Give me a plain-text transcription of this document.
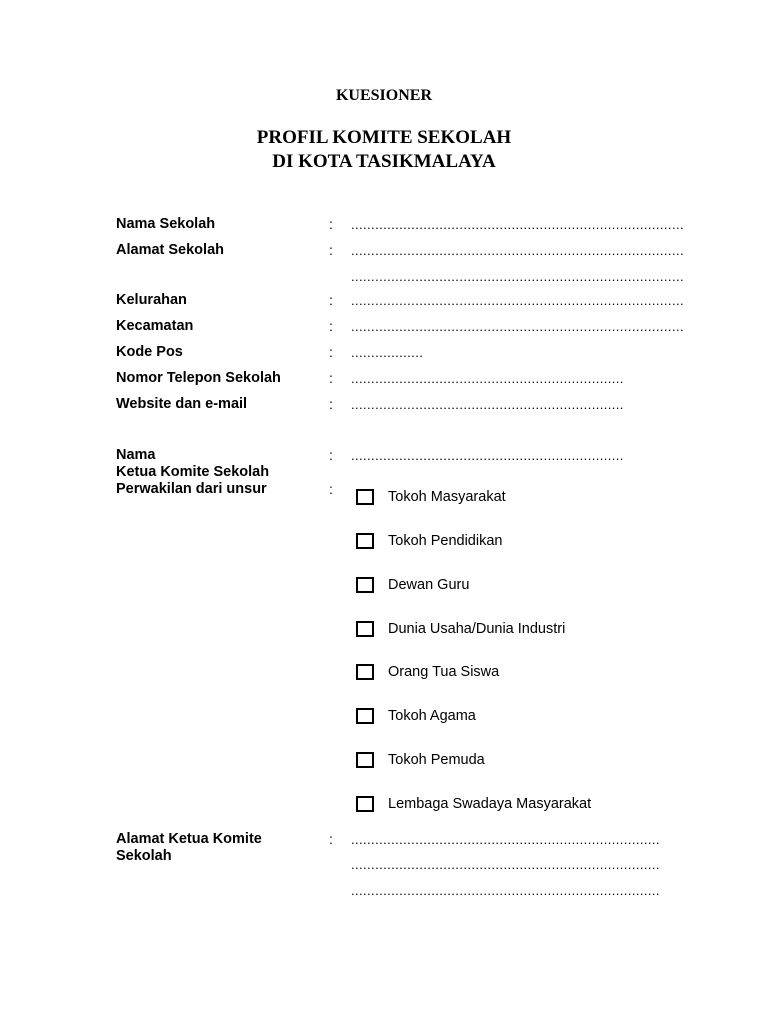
KUESIONER
PROFIL KOMITE SEKOLAH
DI KOTA TASIKMALAYA
Nama Sekolah	: ...................................................................................
Alamat Sekolah	: ...................................................................................
...................................................................................
Kelurahan	: ...................................................................................
Kecamatan	: ...................................................................................
Kode Pos	: ..................
Nomor Telepon Sekolah	: ....................................................................
Website dan e-mail	: ....................................................................
Nama	: ....................................................................
Ketua Komite Sekolah
Perwakilan dari unsur	:	Tokoh Masyarakat
Tokoh Pendidikan
Dewan Guru
Dunia Usaha/Dunia Industri
Orang Tua Siswa
Tokoh Agama
Tokoh Pemuda
Lembaga Swadaya Masyarakat
Alamat Ketua Komite
Sekolah
: .............................................................................
.............................................................................
.............................................................................
